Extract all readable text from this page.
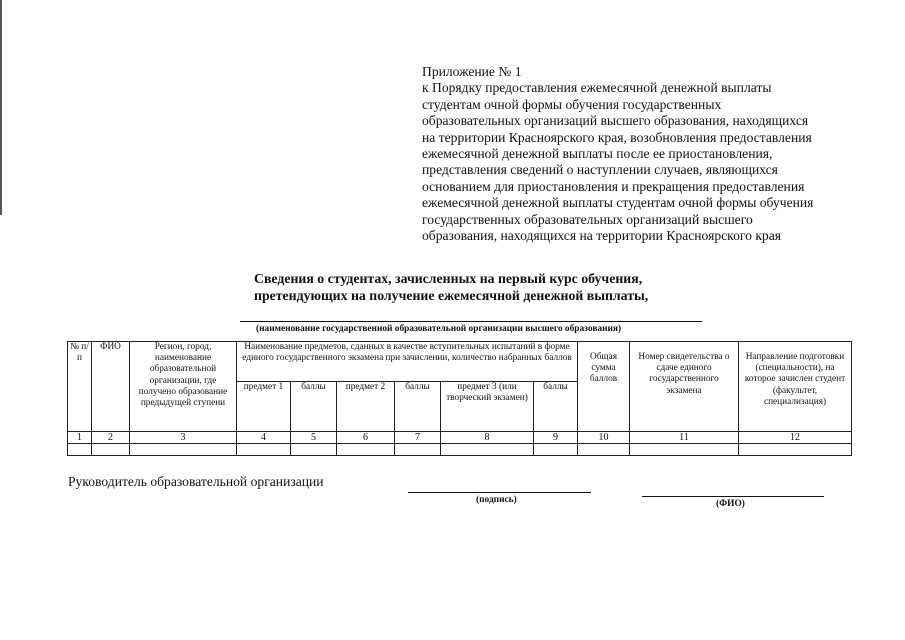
Приложение № 1
к Порядку предоставления ежемесячной денежной выплаты
студентам очной формы обучения государственных
образовательных организаций высшего образования, находящихся
на территории Красноярского края, возобновления предоставления
ежемесячной денежной выплаты после ее приостановления,
представления сведений о наступлении случаев, являющихся
основанием для приостановления и прекращения предоставления
ежемесячной денежной выплаты студентам очной формы обучения
государственных образовательных организаций высшего
образования, находящихся на территории Красноярского края
Сведения о студентах, зачисленных на первый курс обучения,
претендующих на получение ежемесячной денежной выплаты,
(наименование государственной образовательной организации высшего образования)
№ п/п	ФИО	Регион, город, наименование образовательной организации, где получено образование предыдущей ступени	Наименование предметов, сданных в качестве вступительных испытаний в форме единого государственного экзамена при зачислении, количество набранных баллов						Общая сумма баллов	Номер свидетельства о сдаче единого государственного экзамена	Направление подготовки (специальности), на которое зачислен студент (факультет, специализация)
			предмет 1	баллы	предмет 2	баллы	предмет 3 (или творческий экзамен)	баллы			
1	2	3	4	5	6	7	8	9	10	11	12

Руководитель образовательной организации
(подпись)	(ФИО)
